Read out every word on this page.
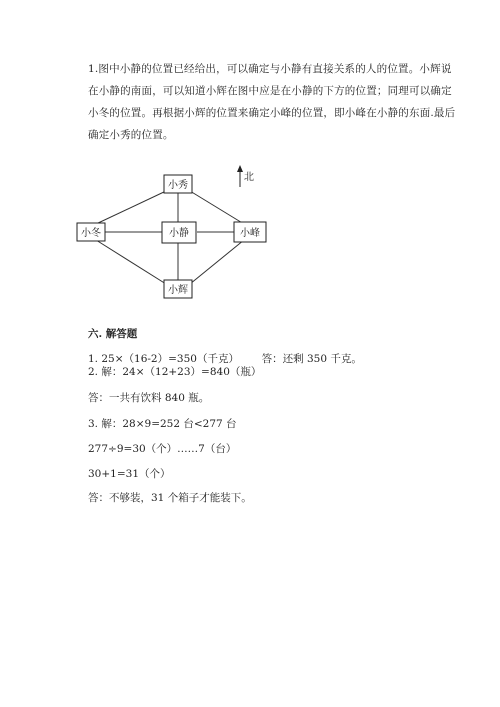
1.图中小静的位置已经给出，可以确定与小静有直接关系的人的位置。小辉说
在小静的南面，可以知道小辉在图中应是在小静的下方的位置；同理可以确定
小冬的位置。再根据小辉的位置来确定小峰的位置，即小峰在小静的东面.最后
确定小秀的位置。
北
小秀
小冬	小静	小峰
小辉
六. 解答题
1. 25×（16-2）=350（千克） 答：还剩 350 千克。
2. 解：24×（12+23）=840（瓶）
答：一共有饮料 840 瓶。
3. 解：28×9=252 台<277 台
277÷9=30（个）……7（台）
30+1=31（个）
答：不够装，31 个箱子才能装下。
